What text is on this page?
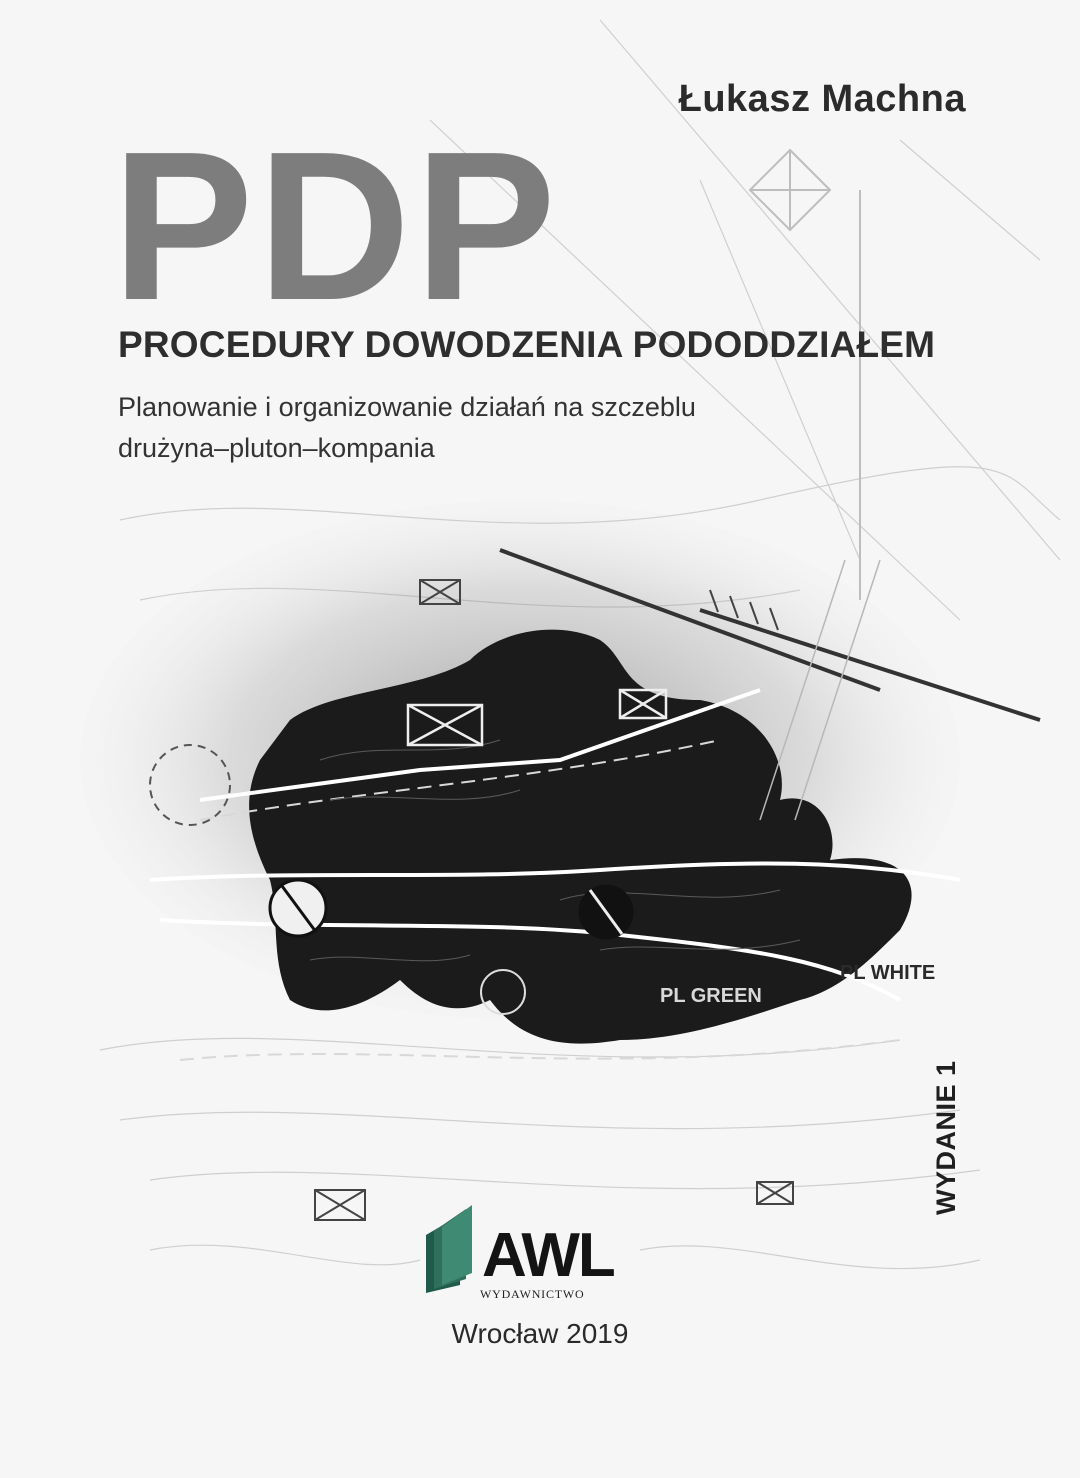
Łukasz Machna
PDP
PROCEDURY DOWODZENIA PODODDZIAŁEM
Planowanie i organizowanie działań na szczeblu
drużyna–pluton–kompania
PL GREEN
PL WHITE
WYDANIE 1
AWL
WYDAWNICTWO
Wrocław 2019
